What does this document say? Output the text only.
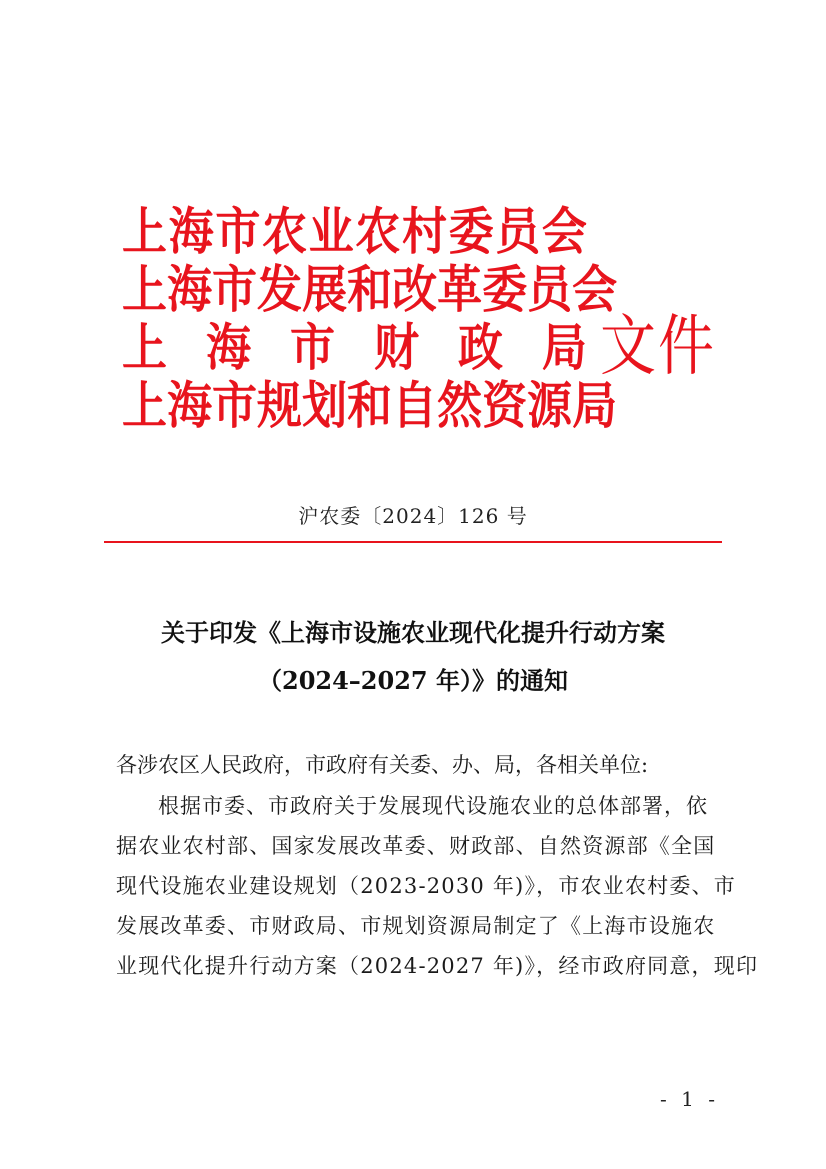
上 海 市 农 业 农 村 委 员 会
上 海 市 发 展 和 改 革 委 员 会
上 海 市 财 政 局
上 海 市 规 划 和 自 然 资 源 局
文件
沪农委〔2024〕126 号
关于印发《上海市设施农业现代化提升行动方案
（2024–2027 年）》的通知
各涉农区人民政府，市政府有关委、办、局，各相关单位:
根据市委、市政府关于发展现代设施农业的总体部署，依
据农业农村部、国家发展改革委、财政部、自然资源部《全国
现代设施农业建设规划（2023-2030 年)》，市农业农村委、市
发展改革委、市财政局、市规划资源局制定了《上海市设施农
业现代化提升行动方案（2024-2027 年)》，经市政府同意，现印
- 1 -
